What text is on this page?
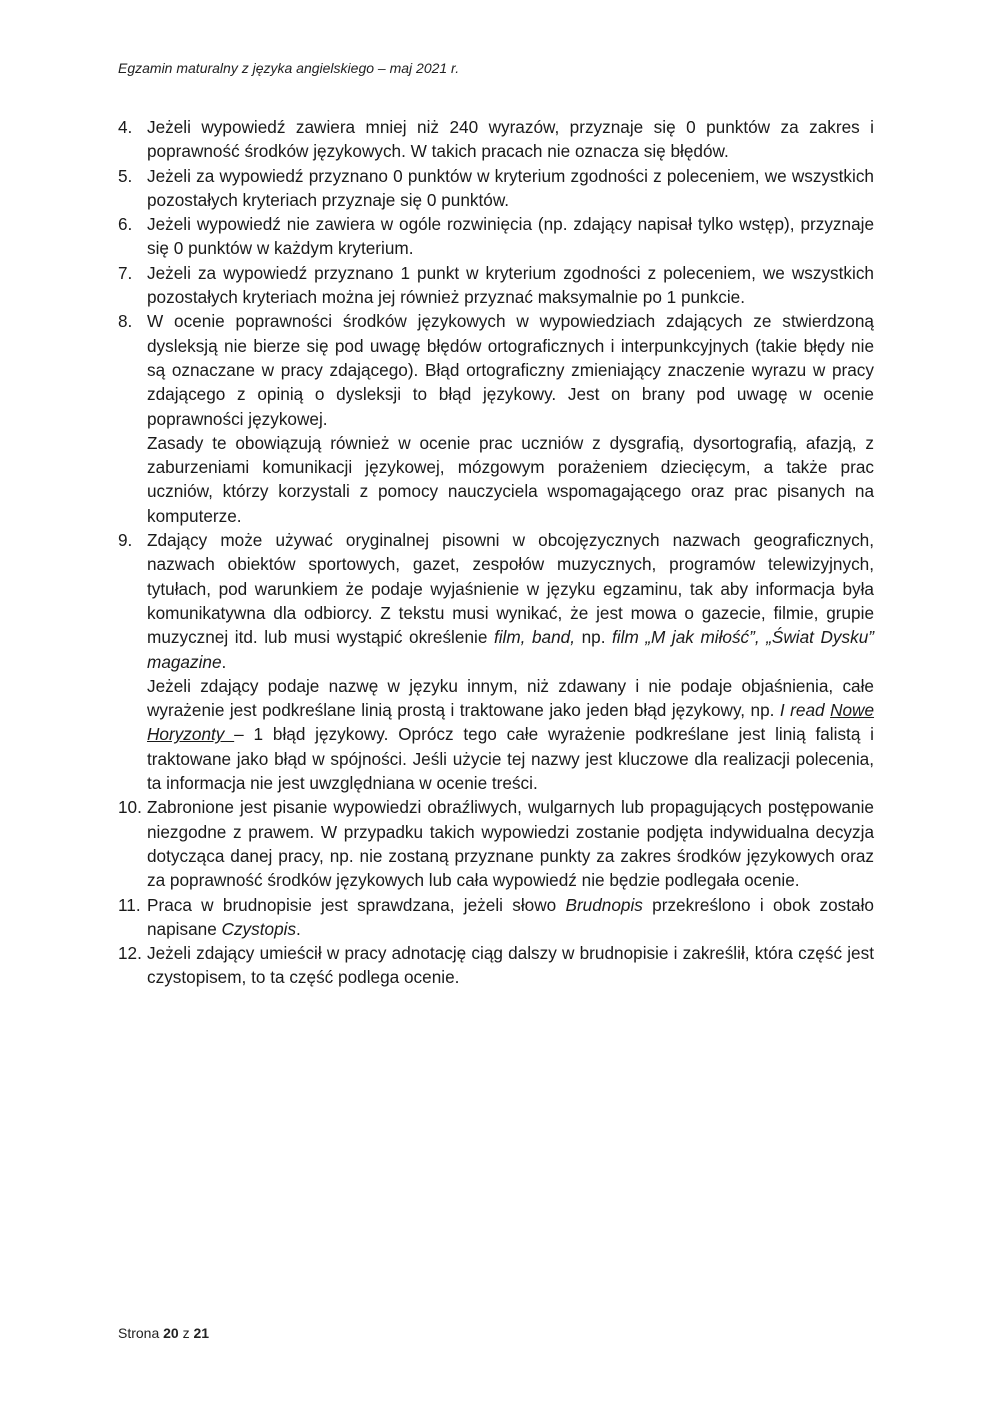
Egzamin maturalny z języka angielskiego – maj 2021 r.
4. Jeżeli wypowiedź zawiera mniej niż 240 wyrazów, przyznaje się 0 punktów za zakres i poprawność środków językowych. W takich pracach nie oznacza się błędów.

5. Jeżeli za wypowiedź przyznano 0 punktów w kryterium zgodności z poleceniem, we wszystkich pozostałych kryteriach przyznaje się 0 punktów.

6. Jeżeli wypowiedź nie zawiera w ogóle rozwinięcia (np. zdający napisał tylko wstęp), przyznaje się 0 punktów w każdym kryterium.

7. Jeżeli za wypowiedź przyznano 1 punkt w kryterium zgodności z poleceniem, we wszystkich pozostałych kryteriach można jej również przyznać maksymalnie po 1 punkcie.

8. W ocenie poprawności środków językowych w wypowiedziach zdających ze stwierdzoną dysleksją nie bierze się pod uwagę błędów ortograficznych i interpunkcyjnych (takie błędy nie są oznaczane w pracy zdającego). Błąd ortograficzny zmieniający znaczenie wyrazu w pracy zdającego z opinią o dysleksji to błąd językowy. Jest on brany pod uwagę w ocenie poprawności językowej.

Zasady te obowiązują również w ocenie prac uczniów z dysgrafią, dysortografią, afazją, z zaburzeniami komunikacji językowej, mózgowym porażeniem dziecięcym, a także prac uczniów, którzy korzystali z pomocy nauczyciela wspomagającego oraz prac pisanych na komputerze.

9. Zdający może używać oryginalnej pisowni w obcojęzycznych nazwach geograficznych, nazwach obiektów sportowych, gazet, zespołów muzycznych, programów telewizyjnych, tytułach, pod warunkiem że podaje wyjaśnienie w języku egzaminu, tak aby informacja była komunikatywna dla odbiorcy. Z tekstu musi wynikać, że jest mowa o gazecie, filmie, grupie muzycznej itd. lub musi wystąpić określenie film, band, np. film „M jak miłość”, „Świat Dysku” magazine.

Jeżeli zdający podaje nazwę w języku innym, niż zdawany i nie podaje objaśnienia, całe wyrażenie jest podkreślane linią prostą i traktowane jako jeden błąd językowy, np. I read Nowe Horyzonty – 1 błąd językowy. Oprócz tego całe wyrażenie podkreślane jest linią falistą i traktowane jako błąd w spójności. Jeśli użycie tej nazwy jest kluczowe dla realizacji polecenia, ta informacja nie jest uwzględniana w ocenie treści.

10. Zabronione jest pisanie wypowiedzi obraźliwych, wulgarnych lub propagujących postępowanie niezgodne z prawem. W przypadku takich wypowiedzi zostanie podjęta indywidualna decyzja dotycząca danej pracy, np. nie zostaną przyznane punkty za zakres środków językowych oraz za poprawność środków językowych lub cała wypowiedź nie będzie podlegała ocenie.

11. Praca w brudnopisie jest sprawdzana, jeżeli słowo Brudnopis przekreślono i obok zostało napisane Czystopis.

12. Jeżeli zdający umieścił w pracy adnotację ciąg dalszy w brudnopisie i zakreślił, która część jest czystopisem, to ta część podlega ocenie.

Strona 20 z 21
